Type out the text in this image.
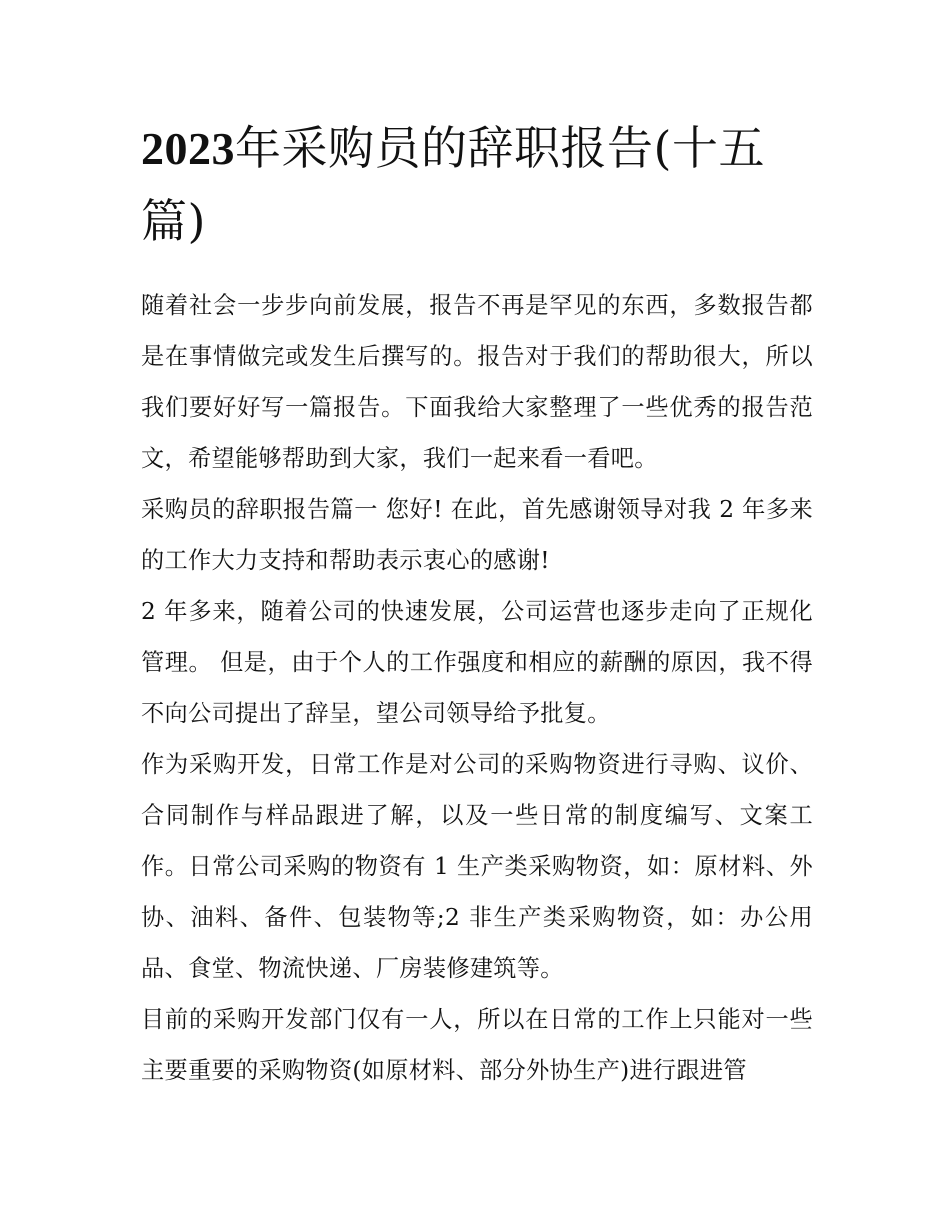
2023年采购员的辞职报告(十五篇)

随着社会一步步向前发展，报告不再是罕见的东西，多数报告都是在事情做完或发生后撰写的。报告对于我们的帮助很大，所以我们要好好写一篇报告。下面我给大家整理了一些优秀的报告范文，希望能够帮助到大家，我们一起来看一看吧。

采购员的辞职报告篇一 您好! 在此，首先感谢领导对我 2 年多来的工作大力支持和帮助表示衷心的感谢!

2 年多来，随着公司的快速发展，公司运营也逐步走向了正规化管理。 但是，由于个人的工作强度和相应的薪酬的原因，我不得不向公司提出了辞呈，望公司领导给予批复。

作为采购开发，日常工作是对公司的采购物资进行寻购、议价、合同制作与样品跟进了解，以及一些日常的制度编写、文案工作。日常公司采购的物资有 1 生产类采购物资，如：原材料、外协、油料、备件、包装物等;2 非生产类采购物资，如：办公用品、食堂、物流快递、厂房装修建筑等。

目前的采购开发部门仅有一人，所以在日常的工作上只能对一些主要重要的采购物资(如原材料、部分外协生产)进行跟进管
